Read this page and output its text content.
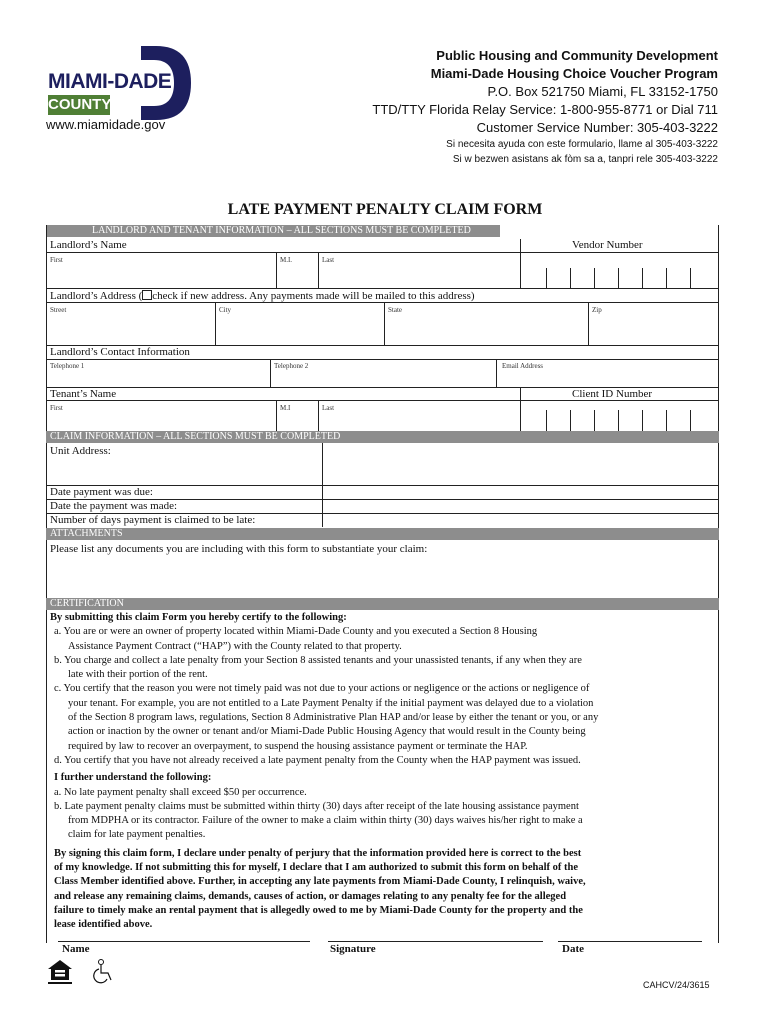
MIAMI-DADE
COUNTY
www.miamidade.gov
Public Housing and Community Development
Miami-Dade Housing Choice Voucher Program
P.O. Box 521750 Miami, FL 33152-1750
TTD/TTY Florida Relay Service: 1-800-955-8771 or Dial 711
Customer Service Number: 305-403-3222
Si necesita ayuda con este formulario, llame al 305-403-3222
Si w bezwen asistans ak fòm sa a, tanpri rele 305-403-3222
LATE PAYMENT PENALTY CLAIM FORM
LANDLORD AND TENANT INFORMATION – ALL SECTIONS MUST BE COMPLETED
Landlord’s Name	Vendor Number
First	M.I.	Last
Landlord’s Address ( check if new address. Any payments made will be mailed to this address)
Street	City	State	Zip
Landlord’s Contact Information
Telephone 1	Telephone 2	Email Address
Tenant’s Name	Client ID Number
First	M.I	Last
CLAIM INFORMATION – ALL SECTIONS MUST BE COMPLETED
Unit Address:
Date payment was due:
Date the payment was made:
Number of days payment is claimed to be late:
ATTACHMENTS
Please list any documents you are including with this form to substantiate your claim:
CERTIFICATION
By submitting this claim Form you hereby certify to the following:
a. You are or were an owner of property located within Miami-Dade County and you executed a Section 8 Housing
Assistance Payment Contract (“HAP”) with the County related to that property.
b. You charge and collect a late penalty from your Section 8 assisted tenants and your unassisted tenants, if any when they are
late with their portion of the rent.
c. You certify that the reason you were not timely paid was not due to your actions or negligence or the actions or negligence of
your tenant. For example, you are not entitled to a Late Payment Penalty if the initial payment was delayed due to a violation
of the Section 8 program laws, regulations, Section 8 Administrative Plan HAP and/or lease by either the tenant or you, or any
action or inaction by the owner or tenant and/or Miami-Dade Public Housing Agency that would result in the County being
required by law to recover an overpayment, to suspend the housing assistance payment or terminate the HAP.
d. You certify that you have not already received a late payment penalty from the County when the HAP payment was issued.
I further understand the following:
a. No late payment penalty shall exceed $50 per occurrence.
b. Late payment penalty claims must be submitted within thirty (30) days after receipt of the late housing assistance payment
from MDPHA or its contractor. Failure of the owner to make a claim within thirty (30) days waives his/her right to make a
claim for late payment penalties.
By signing this claim form, I declare under penalty of perjury that the information provided here is correct to the best
of my knowledge. If not submitting this for myself, I declare that I am authorized to submit this form on behalf of the
Class Member identified above. Further, in accepting any late payments from Miami-Dade County, I relinquish, waive,
and release any remaining claims, demands, causes of action, or damages relating to any penalty fee for the alleged
failure to timely make an rental payment that is allegedly owed to me by Miami-Dade County for the property and the
lease identified above.
Name	Signature	Date
CAHCV/24/3615
